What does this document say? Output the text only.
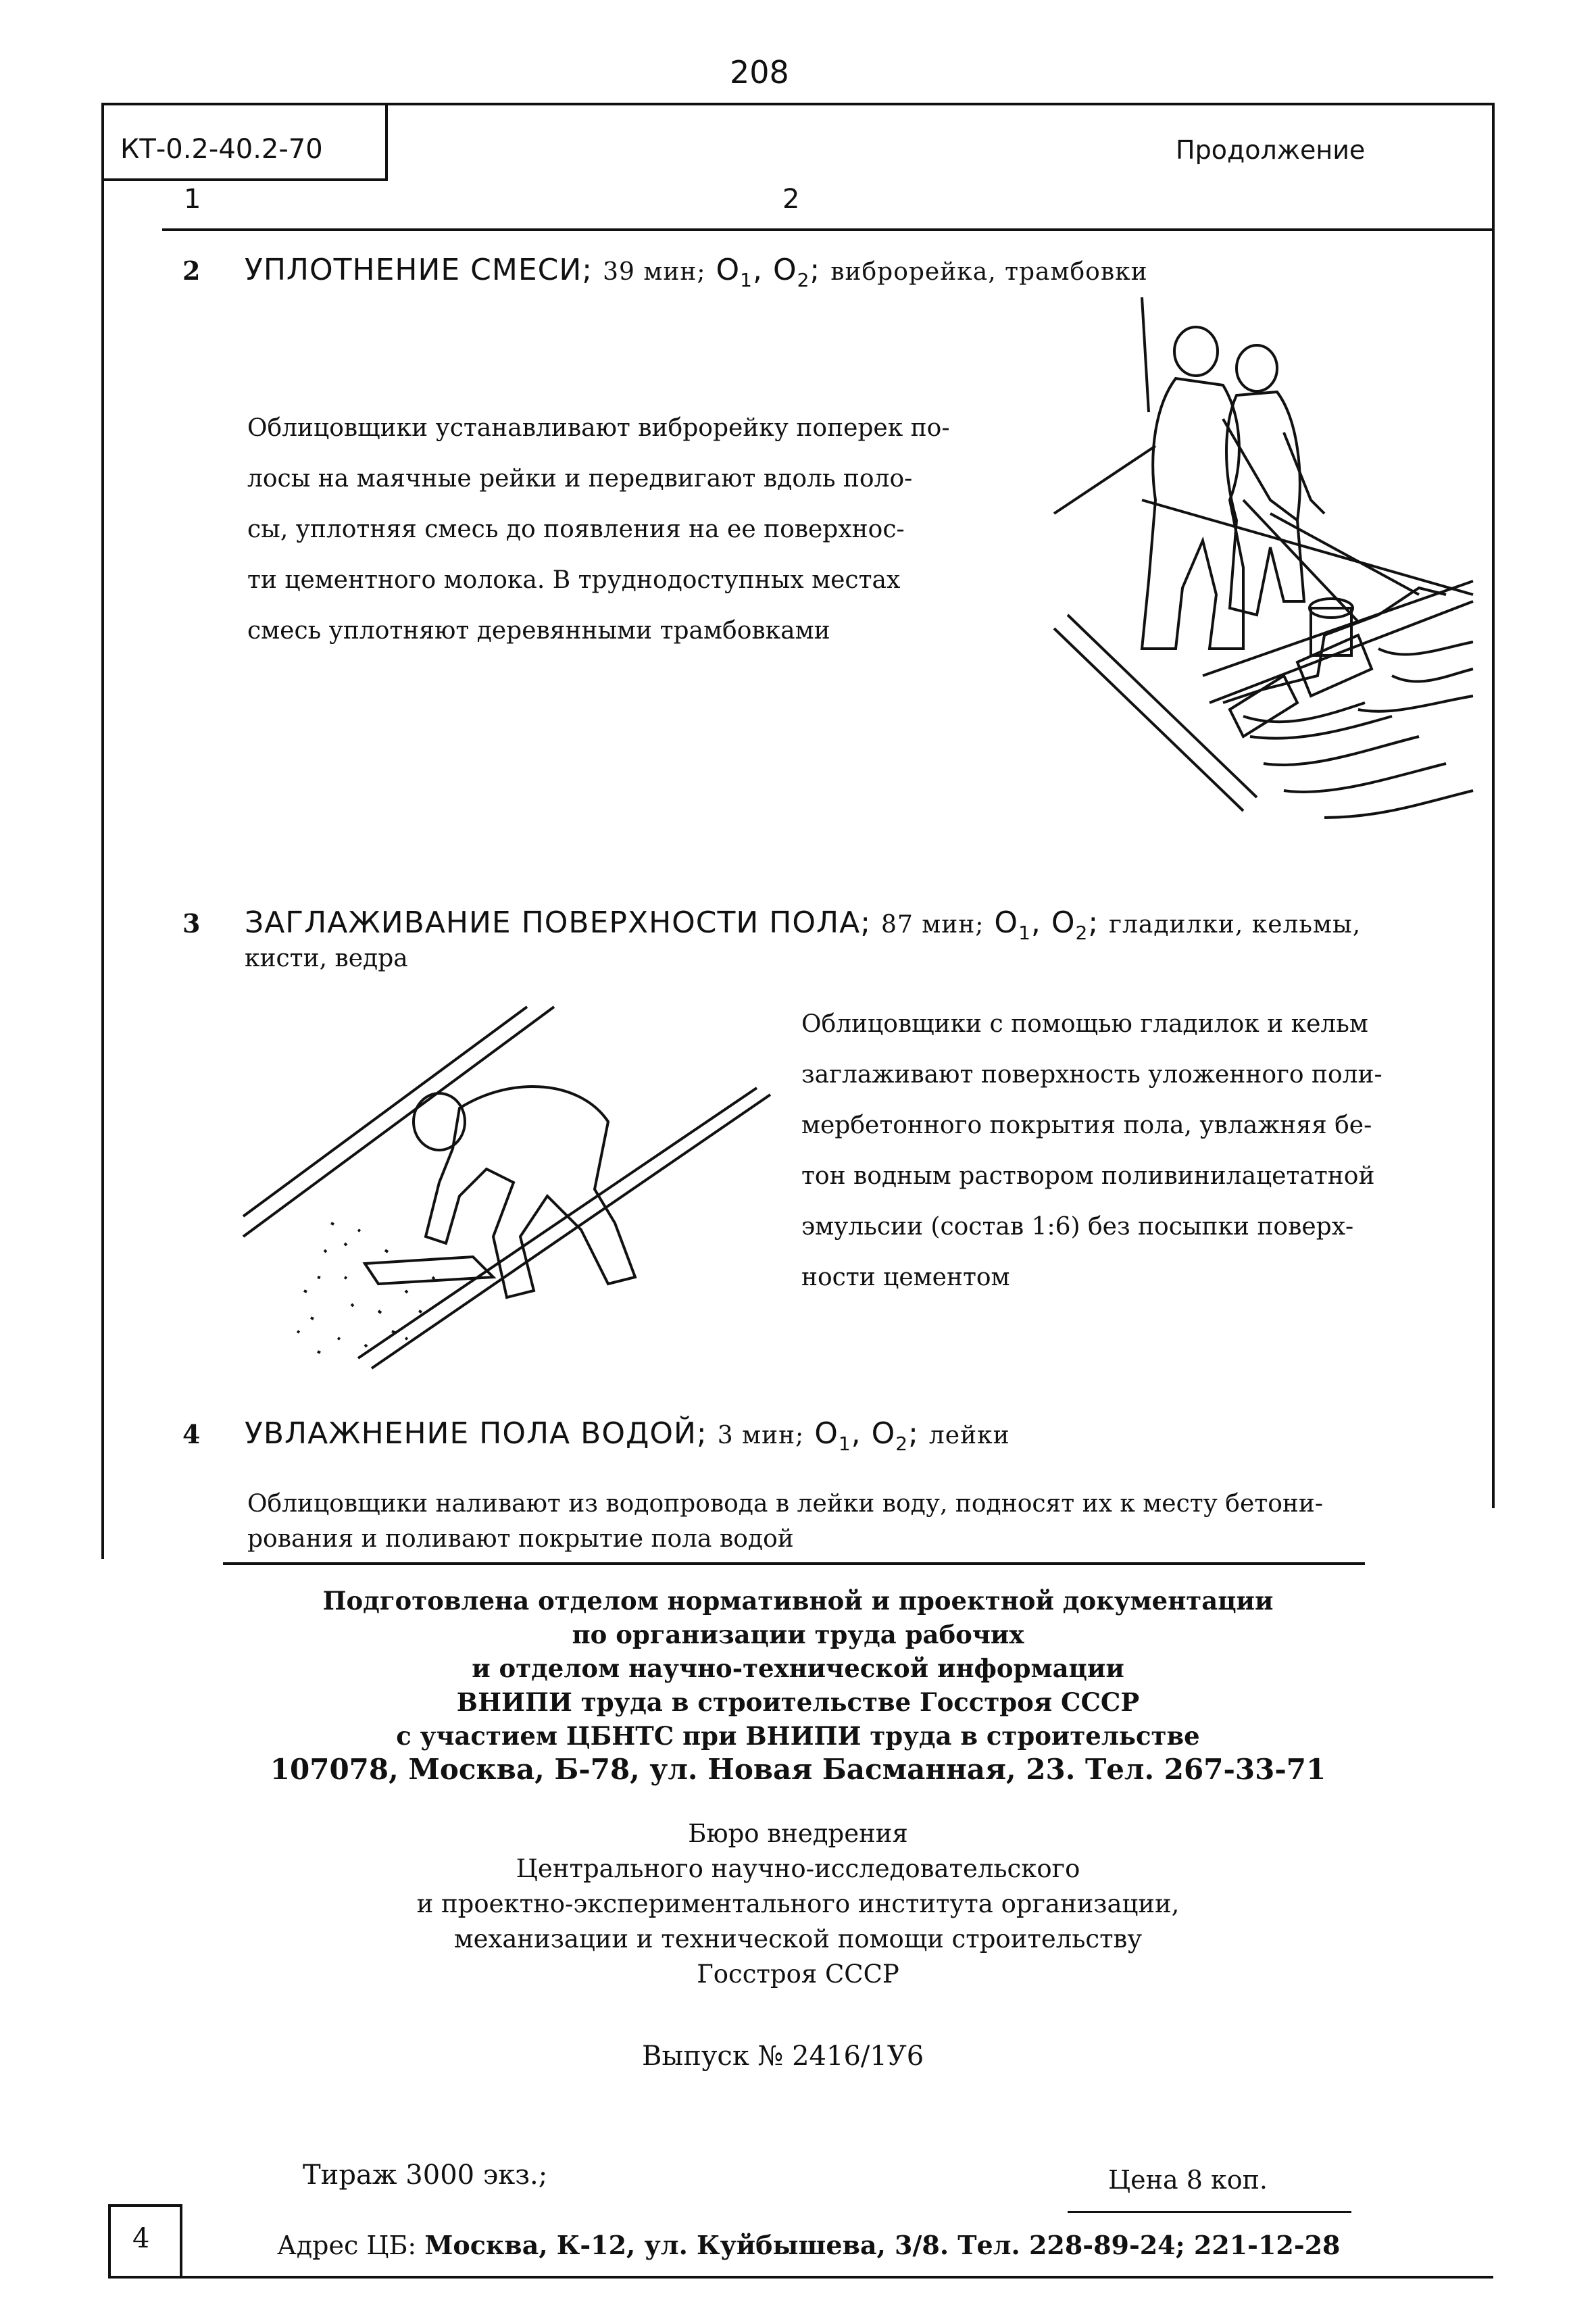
208
КТ-0.2-40.2-70	Продолжение
1	2
2 УПЛОТНЕНИЕ СМЕСИ; 39 мин; $О_1$, $О_2$; виброрейка, трамбовки
Облицовщики устанавливают виброрейку поперек по-
лосы на маячные рейки и передвигают вдоль поло-
сы, уплотняя смесь до появления на ее поверхнос-
ти цементного молока. В труднодоступных местах
смесь уплотняют деревянными трамбовками
3 ЗАГЛАЖИВАНИЕ ПОВЕРХНОСТИ ПОЛА; 87 мин; $О_1$, $О_2$; гладилки, кельмы,
кисти, ведра
Облицовщики с помощью гладилок и кельм
заглаживают поверхность уложенного поли-
мербетонного покрытия пола, увлажняя бе-
тон водным раствором поливинилацетатной
эмульсии (состав 1:6) без посыпки поверх-
ности цементом
4 УВЛАЖНЕНИЕ ПОЛА ВОДОЙ; 3 мин; $О_1$, $О_2$; лейки
Облицовщики наливают из водопровода в лейки воду, подносят их к месту бетони-
рования и поливают покрытие пола водой
Подготовлена отделом нормативной и проектной документации
по организации труда рабочих
и отделом научно-технической информации
ВНИПИ труда в строительстве Госстроя СССР
с участием ЦБНТС при ВНИПИ труда в строительстве
107078, Москва, Б-78, ул. Новая Басманная, 23. Тел. 267-33-71
Бюро внедрения
Центрального научно-исследовательского
и проектно-экспериментального института организации,
механизации и технической помощи строительству
Госстроя СССР
Выпуск № 2416/1У6
Тираж 3000 экз.;	Цена 8 коп.
4	Адрес ЦБ: Москва, К-12, ул. Куйбышева, 3/8. Тел. 228-89-24; 221-12-28
